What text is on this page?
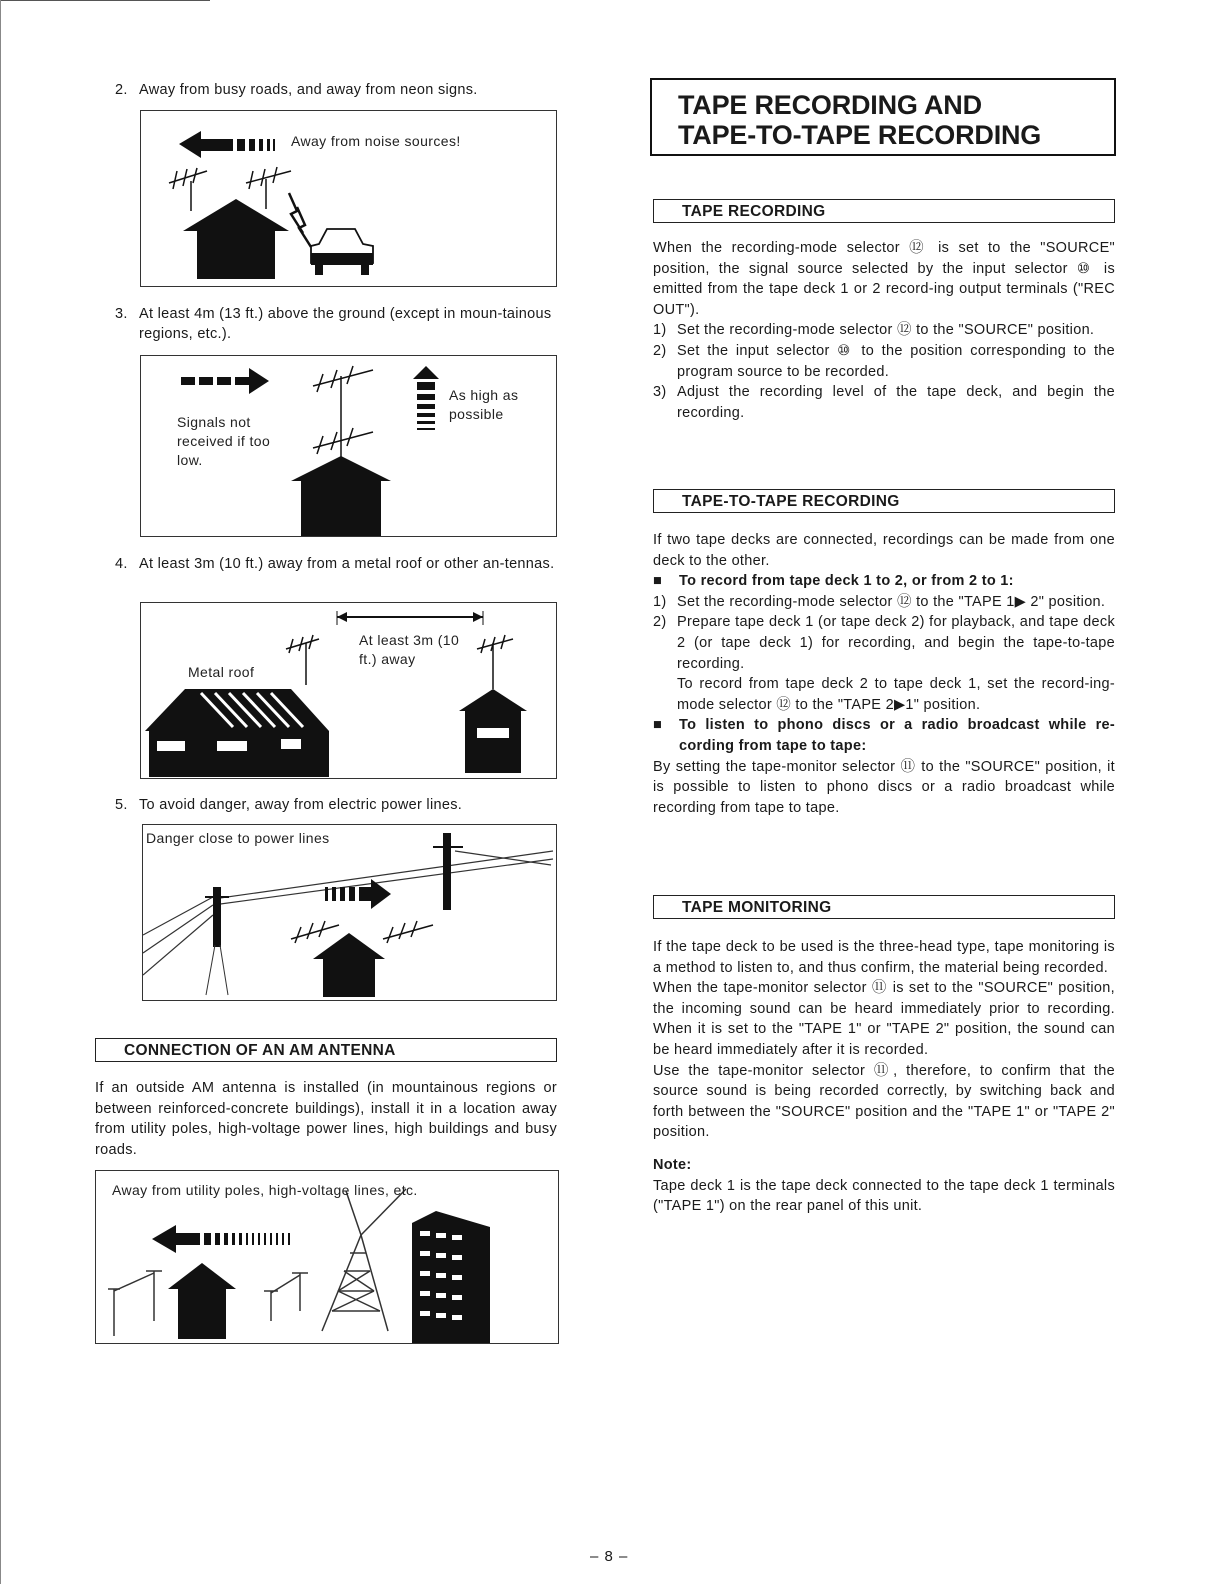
2. Away from busy roads, and away from neon signs.
Away from noise sources!
3. At least 4m (13 ft.) above the ground (except in moun-tainous regions, etc.).
Signals not received if too low.
As high as possible
4. At least 3m (10 ft.) away from a metal roof or other an-tennas.
Metal roof
At least 3m (10 ft.) away
5. To avoid danger, away from electric power lines.
Danger close to power lines
CONNECTION OF AN AM ANTENNA
If an outside AM antenna is installed (in mountainous regions or between reinforced-concrete buildings), install it in a location away from utility poles, high-voltage power lines, high buildings and busy roads.
Away from utility poles, high-voltage lines, etc.
TAPE RECORDING AND
TAPE-TO-TAPE RECORDING
TAPE RECORDING

When the recording-mode selector ⑫ is set to the "SOURCE" position, the signal source selected by the input selector ⑩ is emitted from the tape deck 1 or 2 record-ing output terminals ("REC OUT").

1) Set the recording-mode selector ⑫ to the "SOURCE" position.
2) Set the input selector ⑩ to the position corresponding to the program source to be recorded.
3) Adjust the recording level of the tape deck, and begin the recording.
TAPE-TO-TAPE RECORDING

If two tape decks are connected, recordings can be made from one deck to the other.

■	To record from tape deck 1 to 2, or from 2 to 1:
1) Set the recording-mode selector ⑫ to the "TAPE 1▶ 2" position.
2) Prepare tape deck 1 (or tape deck 2) for playback, and tape deck 2 (or tape deck 1) for recording, and begin the tape-to-tape recording.
To record from tape deck 2 to tape deck 1, set the record-ing-mode selector ⑫ to the "TAPE 2▶1" position.
■	To listen to phono discs or a radio broadcast while re-cording from tape to tape:

By setting the tape-monitor selector ⑪ to the "SOURCE" position, it is possible to listen to phono discs or a radio broadcast while recording from tape to tape.

TAPE MONITORING

If the tape deck to be used is the three-head type, tape monitoring is a method to listen to, and thus confirm, the material being recorded.

When the tape-monitor selector ⑪ is set to the "SOURCE" position, the incoming sound can be heard immediately prior to recording. When it is set to the "TAPE 1" or "TAPE 2" position, the sound can be heard immediately after it is recorded.

Use the tape-monitor selector ⑪, therefore, to confirm that the source sound is being recorded correctly, by switching back and forth between the "SOURCE" position and the "TAPE 1" or "TAPE 2" position.

Note:

Tape deck 1 is the tape deck connected to the tape deck 1 terminals ("TAPE 1") on the rear panel of this unit.

– 8 –
